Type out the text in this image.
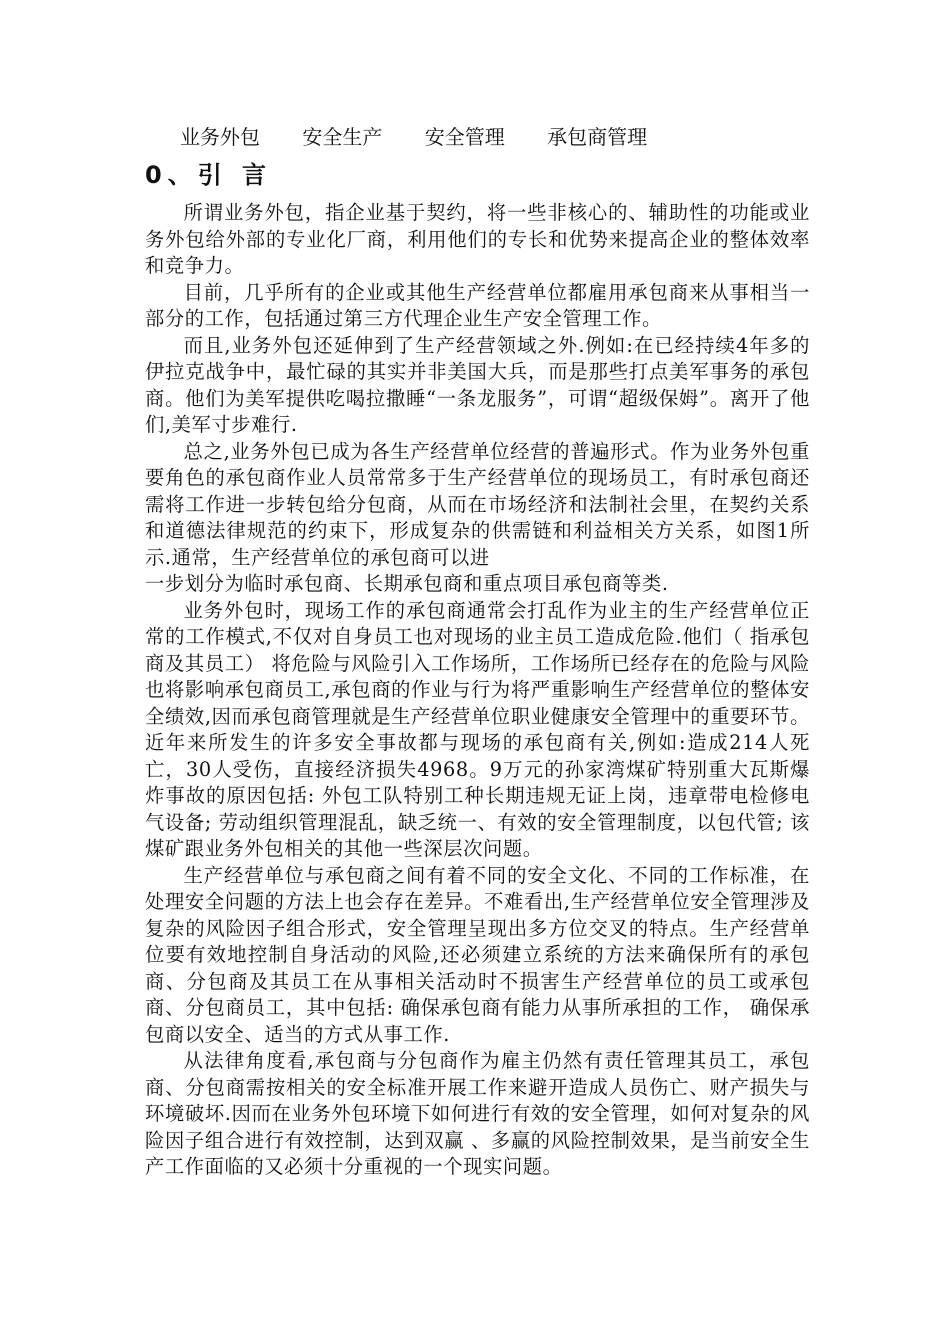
业务外包 安全生产 安全管理 承包商管理
0、引 言

所谓业务外包，指企业基于契约，将一些非核心的、辅助性的功能或业务外包给外部的专业化厂商，利用他们的专长和优势来提高企业的整体效率和竞争力。

目前，几乎所有的企业或其他生产经营单位都雇用承包商来从事相当一部分的工作，包括通过第三方代理企业生产安全管理工作。

而且,业务外包还延伸到了生产经营领域之外.例如:在已经持续4年多的伊拉克战争中，最忙碌的其实并非美国大兵，而是那些打点美军事务的承包商。他们为美军提供吃喝拉撒睡“一条龙服务”，可谓“超级保姆”。离开了他们,美军寸步难行.

总之,业务外包已成为各生产经营单位经营的普遍形式。作为业务外包重要角色的承包商作业人员常常多于生产经营单位的现场员工，有时承包商还需将工作进一步转包给分包商，从而在市场经济和法制社会里，在契约关系和道德法律规范的约束下，形成复杂的供需链和利益相关方关系，如图1所示.通常，生产经营单位的承包商可以进

一步划分为临时承包商、长期承包商和重点项目承包商等类.

业务外包时，现场工作的承包商通常会打乱作为业主的生产经营单位正常的工作模式,不仅对自身员工也对现场的业主员工造成危险.他们（ 指承包商及其员工） 将危险与风险引入工作场所，工作场所已经存在的危险与风险也将影响承包商员工,承包商的作业与行为将严重影响生产经营单位的整体安全绩效,因而承包商管理就是生产经营单位职业健康安全管理中的重要环节。近年来所发生的许多安全事故都与现场的承包商有关,例如:造成214人死亡，30人受伤，直接经济损失4968。9万元的孙家湾煤矿特别重大瓦斯爆炸事故的原因包括: 外包工队特别工种长期违规无证上岗，违章带电检修电气设备; 劳动组织管理混乱，缺乏统一、有效的安全管理制度，以包代管; 该煤矿跟业务外包相关的其他一些深层次问题。

生产经营单位与承包商之间有着不同的安全文化、不同的工作标准，在处理安全问题的方法上也会存在差异。不难看出,生产经营单位安全管理涉及复杂的风险因子组合形式，安全管理呈现出多方位交叉的特点。生产经营单位要有效地控制自身活动的风险,还必须建立系统的方法来确保所有的承包商、分包商及其员工在从事相关活动时不损害生产经营单位的员工或承包商、分包商员工，其中包括: 确保承包商有能力从事所承担的工作， 确保承包商以安全、适当的方式从事工作.

从法律角度看,承包商与分包商作为雇主仍然有责任管理其员工，承包商、分包商需按相关的安全标准开展工作来避开造成人员伤亡、财产损失与环境破坏.因而在业务外包环境下如何进行有效的安全管理，如何对复杂的风险因子组合进行有效控制，达到双赢 、多赢的风险控制效果，是当前安全生产工作面临的又必须十分重视的一个现实问题。
